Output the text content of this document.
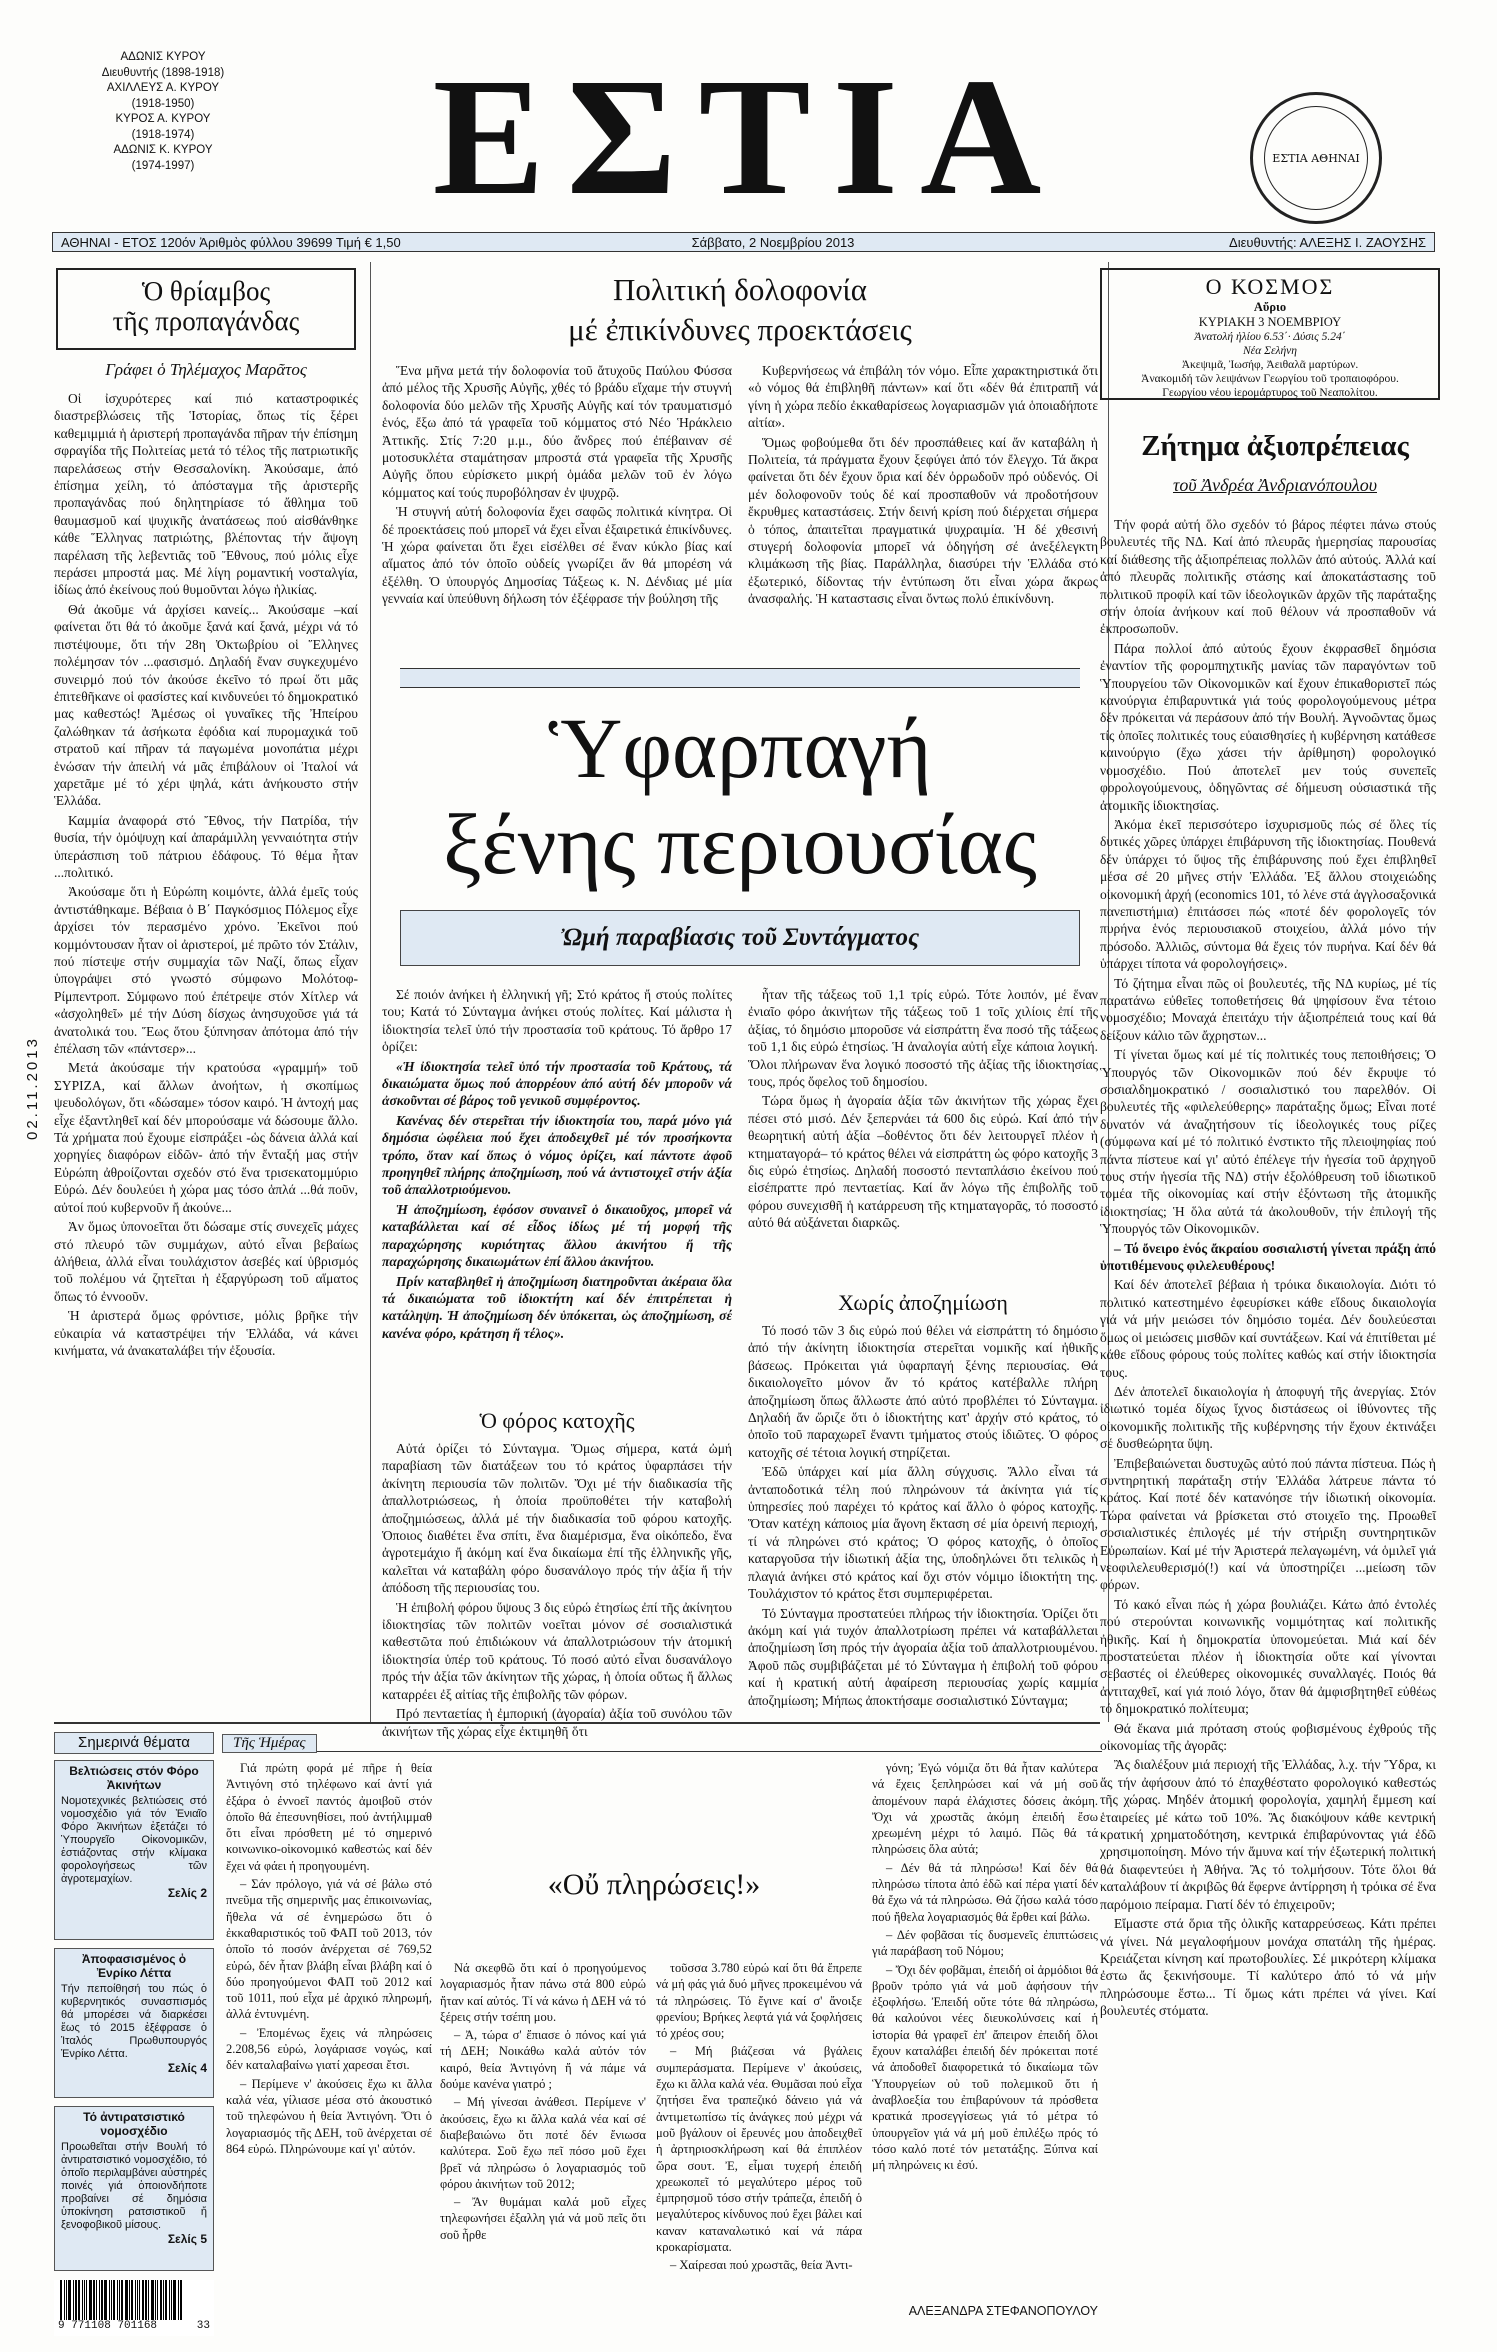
ΑΔΩΝΙΣ ΚΥΡΟΥ
Διευθυντής (1898-1918)
ΑΧΙΛΛΕΥΣ Α. ΚΥΡΟΥ
(1918-1950)
ΚΥΡΟΣ Α. ΚΥΡΟΥ
(1918-1974)
ΑΔΩΝΙΣ Κ. ΚΥΡΟΥ
(1974-1997)	ΕΣΤΙΑ	ΕΣΤΙΑ ΑΘΗΝΑΙ
ΑΘΗΝΑΙ - ΕΤΟΣ 120όν Ἀριθμὸς φύλλου 39699 Τιμή € 1,50	Σάββατο, 2 Νοεμβρίου 2013	Διευθυντής: ΑΛΕΞΗΣ Ι. ΖΑΟΥΣΗΣ
Ὁ θρίαμβος
τῆς προπαγάνδας
Γράφει ὁ Τηλέμαχος Μαρᾶτος

Οἱ ἰσχυρότερες καί πιό καταστροφικές διαστρεβλώσεις τῆς Ἱστορίας, ὅπως τίς ξέρει καθεμιμμιά ἡ ἀριστερή προπαγάνδα πῆραν τήν ἐπίσημη σφραγίδα τῆς Πολιτείας μετά τό τέλος τῆς πατριωτικῆς παρελάσεως στήν Θεσσαλονίκη. Ἀκούσαμε, ἀπό ἐπίσημα χείλη, τό ἀπόσταγμα τῆς ἀριστερῆς προπαγάνδας πού δηλητηρίασε τό ἄθλημα τοῦ θαυμασμοῦ καί ψυχικῆς ἀνατάσεως πού αἰσθάνθηκε κάθε Ἕλληνας πατριώτης, βλέποντας τήν ἄψογη παρέλαση τῆς λεβεντιᾶς τοῦ Ἔθνους, πού μόλις εἶχε περάσει μπροστά μας. Μέ λίγη ρομαντική νοσταλγία, ἰδίως ἀπό ἐκείνους πού θυμοῦνται λόγω ἡλικίας.

Θά ἀκοῦμε νά ἀρχίσει κανείς... Ἀκούσαμε –καί φαίνεται ὅτι θά τό ἀκοῦμε ξανά καί ξανά, μέχρι νά τό πιστέψουμε, ὅτι τήν 28η Ὀκτωβρίου οἱ Ἕλληνες πολέμησαν τόν ...φασισμό. Δηλαδή ἔναν συγκεχυμένο συνειρμό πού τόν ἀκούσε ἐκεῖνο τό πρωί ὅτι μᾶς ἐπιτεθῆκανε οἱ φασίστες καί κινδυνεύει τό δημοκρατικό μας καθεστώς! Ἀμέσως οἱ γυναῖκες τῆς Ἠπείρου ζαλώθηκαν τά ἀσήκωτα ἐφόδια καί πυρομαχικά τοῦ στρατοῦ καί πῆραν τά παγωμένα μονοπάτια μέχρι ἑνώσαν τήν ἀπειλή νά μᾶς ἐπιβάλουν οἱ Ἰταλοί νά χαρετᾶμε μέ τό χέρι ψηλά, κάτι ἀνήκουστο στήν Ἑλλάδα.

Καμμία ἀναφορά στό Ἔθνος, τήν Πατρίδα, τήν θυσία, τήν ὁμόψυχη καί ἀπαράμιλλη γενναιότητα στήν ὑπεράσπιση τοῦ πάτριου ἐδάφους. Τό θέμα ἦταν ...πολιτικό.

Ἀκούσαμε ὅτι ἡ Εὐρώπη κοιμόντε, ἀλλά ἐμεῖς τούς ἀντιστάθηκαμε. Βέβαια ὁ Β΄ Παγκόσμιος Πόλεμος εἶχε ἀρχίσει τόν περασμένο χρόνο. Ἐκεῖνοι πού κομμόντουσαν ἦταν οἱ ἀριστεροί, μέ πρῶτο τόν Στάλιν, πού πίστεψε στήν συμμαχία τῶν Ναζί, ὅπως εἶχαν ὑπογράψει στό γνωστό σύμφωνο Μολότοφ-Ρίμπεντροπ. Σύμφωνο πού ἐπέτρεψε στόν Χίτλερ νά «ἀσχοληθεῖ» μέ τήν Δύση δίσχως ἀνησυχοῦσε γιά τά ἀνατολικά του. Ἕως ὅτου ξύπνησαν ἀπότομα ἀπό τήν ἐπέλαση τῶν «πάντσερ»...

Μετά ἀκούσαμε τήν κρατούσα «γραμμή» τοῦ ΣΥΡΙΖΑ, καί ἄλλων ἀνοήτων, ἡ σκοπίμως ψευδολόγων, ὅτι «δώσαμε» τόσον καιρό. Ἡ ἀντοχή μας εἶχε ἐξαντληθεῖ καί δέν μπορούσαμε νά δώσουμε ἄλλο. Τά χρήματα πού ἔχουμε εἰσπράξει -ὡς δάνεια ἀλλά καί χορηγίες διαφόρων εἰδῶν- ἀπό τήν ἔνταξή μας στήν Εὐρώπη ἀθροίζονται σχεδόν στό ἕνα τρισεκατομμύριο Εὐρώ. Δέν δουλεύει ἡ χώρα μας τόσο ἁπλά ...θά ποῦν, αὐτοί πού κυβερνοῦν ἤ ἀκούνε...

Ἀν ὅμως ὑπονοεῖται ὅτι δώσαμε στίς συνεχεῖς μάχες στό πλευρό τῶν συμμάχων, αὐτό εἶναι βεβαίως ἀλήθεια, ἀλλά εἶναι τουλάχιστον ἀσεβές καί ὑβρισμός τοῦ πολέμου νά ζητεῖται ἡ ἐξαργύρωση τοῦ αἵματος ὅπως τό ἐννοοῦν.

Ἡ ἀριστερά ὅμως φρόντισε, μόλις βρῆκε τήν εὐκαιρία νά καταστρέψει τήν Ἑλλάδα, νά κάνει κινήματα, νά ἀνακαταλάβει τήν ἐξουσία.

02.11.2013
Πολιτική δολοφονία
μέ ἐπικίνδυνες προεκτάσεις

Ἕνα μῆνα μετά τήν δολοφονία τοῦ ἄτυχοῦς Παύλου Φύσσα ἀπό μέλος τῆς Χρυσῆς Αὐγῆς, χθές τό βράδυ εἴχαμε τήν στυγνή δολοφονία δύο μελῶν τῆς Χρυσῆς Αὐγῆς καί τόν τραυματισμό ἑνός, ἔξω ἀπό τά γραφεῖα τοῦ κόμματος στό Νέο Ἡράκλειο Ἀττικῆς. Στίς 7:20 μ.μ., δύο ἄνδρες πού ἐπέβαιναν σέ μοτοσυκλέτα σταμάτησαν μπροστά στά γραφεῖα τῆς Χρυσῆς Αὐγῆς ὅπου εὑρίσκετο μικρή ὁμάδα μελῶν τοῦ ἐν λόγω κόμματος καί τούς πυροβόλησαν ἐν ψυχρῷ.

Ἡ στυγνή αὐτή δολοφονία ἔχει σαφῶς πολιτικά κίνητρα. Οἱ δέ προεκτάσεις πού μπορεῖ νά ἔχει εἶναι ἐξαιρετικά ἐπικίνδυνες. Ἡ χώρα φαίνεται ὅτι ἔχει εἰσέλθει σέ ἕναν κύκλο βίας καί αἵματος ἀπό τόν ὁποῖο οὐδείς γνωρίζει ἄν θά μπορέση νά ἐξέλθη. Ὁ ὑπουργός Δημοσίας Τάξεως κ. Ν. Δένδιας μέ μία γενναία καί ὑπεύθυνη δήλωση τόν ἐξέφρασε τήν βούληση τῆς

Κυβερνήσεως νά ἐπιβάλη τόν νόμο. Εἶπε χαρακτηριστικά ὅτι «ὁ νόμος θά ἐπιβληθῆ πάντων» καί ὅτι «δέν θά ἐπιτραπῆ νά γίνη ἡ χώρα πεδίο ἐκκαθαρίσεως λογαριασμῶν γιά ὁποιαδήποτε αἰτία».

Ὅμως φοβούμεθα ὅτι δέν προσπάθειες καί ἄν καταβάλη ἡ Πολιτεία, τά πράγματα ἔχουν ξεφύγει ἀπό τόν ἔλεγχο. Τά ἄκρα φαίνεται ὅτι δέν ἔχουν ὅρια καί δέν ὀρρωδοῦν πρό οὐδενός. Οἱ μέν δολοφονοῦν τούς δέ καί προσπαθοῦν νά προδοτήσουν ἔκρυθμες καταστάσεις. Στήν δεινή κρίση πού διέρχεται σήμερα ὁ τόπος, ἀπαιτεῖται πραγματικά ψυχραιμία. Ἡ δέ χθεσινή στυγερή δολοφονία μπορεῖ νά ὁδηγήση σέ ἀνεξέλεγκτη κλιμάκωση τῆς βίας. Παράλληλα, διασύρει τήν Ἑλλάδα στό ἐξωτερικό, δίδοντας τήν ἐντύπωση ὅτι εἶναι χώρα ἄκρως ἀνασφαλής. Ἡ καταστασις εἶναι ὄντως πολύ ἐπικίνδυνη.

Ὑφαρπαγή
ξένης περιουσίας
Ὠμή παραβίασις τοῦ Συντάγματος

Σέ ποιόν ἀνήκει ἡ ἑλληνική γῆ; Στό κράτος ἤ στούς πολίτες του; Κατά τό Σύνταγμα ἀνήκει στούς πολίτες. Καί μάλιστα ἡ ἰδιοκτησία τελεῖ ὑπό τήν προστασία τοῦ κράτους. Τό ἄρθρο 17 ὁρίζει:

«Ἡ ἰδιοκτησία τελεῖ ὑπό τήν προστασία τοῦ Κράτους, τά δικαιώματα ὅμως πού ἀπορρέουν ἀπό αὐτή δέν μποροῦν νά ἀσκοῦνται σέ βάρος τοῦ γενικοῦ συμφέροντος.

Κανένας δέν στερεῖται τήν ἰδιοκτησία του, παρά μόνο γιά δημόσια ὠφέλεια πού ἔχει ἀποδειχθεῖ μέ τόν προσήκοντα τρόπο, ὅταν καί ὅπως ὁ νόμος ὁρίζει, καί πάντοτε ἀφοῦ προηγηθεῖ πλήρης ἀποζημίωση, πού νά ἀντιστοιχεῖ στήν ἀξία τοῦ ἀπαλλοτριούμενου.

Ἡ ἀποζημίωση, ἐφόσον συναινεῖ ὁ δικαιοῦχος, μπορεῖ νά καταβάλλεται καί σέ εἶδος ἰδίως μέ τή μορφή τῆς παραχώρησης κυριότητας ἄλλου ἀκινήτου ἤ τῆς παραχώρησης δικαιωμάτων ἐπί ἄλλου ἀκινήτου.

Πρίν καταβληθεῖ ἡ ἀποζημίωση διατηροῦνται ἀκέραια ὅλα τά δικαιώματα τοῦ ἰδιοκτήτη καί δέν ἐπιτρέπεται ἡ κατάληψη. Ἡ ἀποζημίωση δέν ὑπόκειται, ὡς ἀποζημίωση, σέ κανένα φόρο, κράτηση ἤ τέλος».

Ὁ φόρος κατοχῆς

Αὐτά ὁρίζει τό Σύνταγμα. Ὅμως σήμερα, κατά ὠμή παραβίαση τῶν διατάξεων του τό κράτος ὑφαρπάσει τήν ἀκίνητη περιουσία τῶν πολιτῶν. Ὄχι μέ τήν διαδικασία τῆς ἀπαλλοτριώσεως, ἡ ὁποία προϋποθέτει τήν καταβολή ἀποζημιώσεως, ἀλλά μέ τήν διαδικασία τοῦ φόρου κατοχῆς. Ὁποιος διαθέτει ἕνα σπίτι, ἕνα διαμέρισμα, ἕνα οἰκόπεδο, ἕνα ἀγροτεμάχιο ἤ ἀκόμη καί ἕνα δικαίωμα ἐπί τῆς ἑλληνικῆς γῆς, καλεῖται νά καταβάλη φόρο δυσανάλογο πρός τήν ἀξία ἤ τήν ἀπόδοση τῆς περιουσίας του.

Ἡ ἐπιβολή φόρου ὕψους 3 δις εὐρώ ἐτησίως ἐπί τῆς ἀκίνητου ἰδιοκτησίας τῶν πολιτῶν νοεῖται μόνον σέ σοσιαλιστικά καθεστῶτα πού ἐπιδιώκουν νά ἀπαλλοτριώσουν τήν ἀτομική ἰδιοκτησία ὑπέρ τοῦ κράτους. Τό ποσό αὐτό εἶναι δυσανάλογο πρός τήν ἀξία τῶν ἀκίνητων τῆς χώρας, ἡ ὁποία οὔτως ἤ ἄλλως καταρρέει ἐξ αἰτίας τῆς ἐπιβολῆς τῶν φόρων.

Πρό πενταετίας ἡ ἐμπορική (ἀγοραία) ἀξία τοῦ συνόλου τῶν ἀκινήτων τῆς χώρας εἶχε ἐκτιμηθῆ ὅτι

ἦταν τῆς τάξεως τοῦ 1,1 τρίς εὐρώ. Τότε λοιπόν, μέ ἕναν ἐνιαῖο φόρο ἀκινήτων τῆς τάξεως τοῦ 1 τοῖς χιλίοις ἐπί τῆς ἀξίας, τό δημόσιο μποροῦσε νά εἰσπράττη ἕνα ποσό τῆς τάξεως τοῦ 1,1 δις εὐρώ ἐτησίως. Ἡ ἀναλογία αὐτή εἶχε κάποια λογική. Ὅλοι πλήρωναν ἕνα λογικό ποσοστό τῆς ἀξίας τῆς ἰδιοκτησίας τους, πρός ὄφελος τοῦ δημοσίου.

Τώρα ὅμως ἡ ἀγοραία ἀξία τῶν ἀκινήτων τῆς χώρας ἔχει πέσει στό μισό. Δέν ξεπερνάει τά 600 δις εὐρώ. Καί ἀπό τήν θεωρητική αὐτή ἀξία –δοθέντος ὅτι δέν λειτουργεῖ πλέον ἡ κτηματαγορά– τό κράτος θέλει νά εἰσπράττη ὡς φόρο κατοχῆς 3 δις εὐρώ ἐτησίως. Δηλαδή ποσοστό πενταπλάσιο ἐκείνου πού εἰσέπραττε πρό πενταετίας. Καί ἄν λόγω τῆς ἐπιβολῆς τοῦ φόρου συνεχισθῆ ἡ κατάρρευση τῆς κτηματαγορᾶς, τό ποσοστό αὐτό θά αὐξάνεται διαρκῶς.

Χωρίς ἀποζημίωση

Τό ποσό τῶν 3 δις εὐρώ πού θέλει νά εἰσπράττη τό δημόσιο ἀπό τήν ἀκίνητη ἰδιοκτησία στερεῖται νομικῆς καί ἠθικῆς βάσεως. Πρόκειται γιά ὑφαρπαγή ξένης περιουσίας. Θά δικαιολογεῖτο μόνον ἄν τό κράτος κατέβαλλε πλήρη ἀποζημίωση ὅπως ἄλλωστε ἀπό αὐτό προβλέπει τό Σύνταγμα. Δηλαδή ἄν ὥριζε ὅτι ὁ ἰδιοκτήτης κατ' ἀρχήν στό κράτος, τό ὁποῖο τοῦ παραχωρεῖ ἔναντι τμήματος στούς ἰδιῶτες. Ὁ φόρος κατοχῆς σέ τέτοια λογική στηρίζεται.

Ἐδῶ ὑπάρχει καί μία ἄλλη σύγχυσις. Ἄλλο εἶναι τά ἀνταποδοτικά τέλη πού πληρώνουν τά ἀκίνητα γιά τίς ὑπηρεσίες πού παρέχει τό κράτος καί ἄλλο ὁ φόρος κατοχῆς. Ὅταν κατέχη κάποιος μία ἄγονη ἔκταση σέ μία ὀρεινή περιοχή, τί νά πληρώνει στό κράτος; Ὁ φόρος κατοχῆς, ὁ ὁποῖος καταργοῦσα τήν ἰδιωτική ἀξία της, ὑποδηλώνει ὅτι τελικῶς ἡ πλαγιά ἀνήκει στό κράτος καί ὄχι στόν νόμιμο ἰδιοκτήτη της. Τουλάχιστον τό κράτος ἔτσι συμπεριφέρεται.

Τό Σύνταγμα προστατεύει πλήρως τήν ἰδιοκτησία. Ὁρίζει ὅτι ἀκόμη καί γιά τυχόν ἀπαλλοτρίωση πρέπει νά καταβάλλεται ἀποζημίωση ἴση πρός τήν ἀγοραία ἀξία τοῦ ἀπαλλοτριουμένου. Ἀφοῦ πῶς συμβιβάζεται μέ τό Σύνταγμα ἡ ἐπιβολή τοῦ φόρου καί ἡ κρατική αὐτή ἀφαίρεση περιουσίας χωρίς καμμία ἀποζημίωση; Μήπως ἀποκτήσαμε σοσιαλιστικό Σύνταγμα;

Ο ΚΟΣΜΟΣ
Αὔριο
ΚΥΡΙΑΚΗ 3 ΝΟΕΜΒΡΙΟΥ
Ἀνατολή ἡλίου 6.53΄· Δύσις 5.24΄
Νέα Σελήνη
Ἀκεψιμᾶ, Ἰωσήφ, Ἀειθαλᾶ μαρτύρων.
Ἀνακομιδή τῶν λειψάνων Γεωργίου τοῦ τροπαιοφόρου.
Γεωργίου νέου ἱερομάρτυρος τοῦ Νεαπολίτου.
Ζήτημα ἀξιοπρέπειας
τοῦ Ἀνδρέα Ἀνδριανόπουλου

Τήν φορά αὐτή ὅλο σχεδόν τό βάρος πέφτει πάνω στούς βουλευτές τῆς ΝΔ. Καί ἀπό πλευρᾶς ἡμερησίας παρουσίας καί διάθεσης τῆς ἀξιοπρέπειας πολλῶν ἀπό αὐτούς. Ἀλλά καί ἀπό πλευρᾶς πολιτικῆς στάσης καί ἀποκατάστασης τοῦ πολιτικοῦ προφίλ καί τῶν ἰδεολογικῶν ἀρχῶν τῆς παράταξης στήν ὁποία ἀνήκουν καί ποῦ θέλουν νά προσπαθοῦν νά ἐκπροσωποῦν.

Πάρα πολλοί ἀπό αὐτούς ἔχουν ἐκφρασθεῖ δημόσια ἐναντίον τῆς φορομπηχτικῆς μανίας τῶν παραγόντων τοῦ Ὑπουργείου τῶν Οἰκονομικῶν καί ἔχουν ἐπικαθοριστεῖ πώς κανούργια ἐπιβαρυντικά γιά τούς φορολογούμενους μέτρα δέν πρόκειται νά περάσουν ἀπό τήν Βουλή. Ἀγνοῶντας ὅμως τίς ὁποῖες πολιτικές τους εὐαισθησίες ἡ κυβέρνηση κατάθεσε καινούργιο (ἔχω χάσει τήν ἀρίθμηση) φορολογικό νομοσχέδιο. Πού ἀποτελεῖ μεν τούς συνεπεῖς φορολογούμενους, ὁδηγῶντας σέ δήμευση οὐσιαστικά τῆς ἀτομικῆς ἰδιοκτησίας.

Ἀκόμα ἐκεῖ περισσότερο ἰσχυρισμοῦς πώς σέ ὅλες τίς δυτικές χῶρες ὑπάρχει ἐπιβάρυνση τῆς ἰδιοκτησίας. Πουθενά δέν ὑπάρχει τό ὕψος τῆς ἐπιβάρυνσης πού ἔχει ἐπιβληθεῖ μέσα σέ 20 μῆνες στήν Ἑλλάδα. Ἐξ ἄλλου στοιχειώδης οἰκονομική ἀρχή (economics 101, τό λένε στά ἀγγλοσαξονικά πανεπιστήμια) ἐπιτάσσει πώς «ποτέ δέν φορολογεῖς τόν πυρήνα ἑνός περιουσιακοῦ στοιχείου, ἀλλά μόνο τήν πρόσοδο. Ἀλλιῶς, σύντομα θά ἔχεις τόν πυρήνα. Καί δέν θά ὑπάρχει τίποτα νά φορολογήσεις».

Τό ζήτημα εἶναι πῶς οἱ βουλευτές, τῆς ΝΔ κυρίως, μέ τίς παρατάνω εὐθεῖες τοποθετήσεις θά ψηφίσουν ἕνα τέτοιο νομοσχέδιο; Μοναχά ἐπειτάχυ τήν ἀξιοπρέπειά τους καί θά δείξουν κάλιο τῶν ἄχρηστων...

Τί γίνεται ὅμως καί μέ τίς πολιτικές τους πεποιθήσεις; Ὁ Ὑπουργός τῶν Οἰκονομικῶν πού δέν ἔκρυψε τό σοσιαλδημοκρατικό / σοσιαλιστικό του παρελθόν. Οἱ βουλευτές τῆς «φιλελεύθερης» παράταξης ὅμως; Εἶναι ποτέ δυνατόν νά ἀναζητήσουν τίς ἰδεολογικές τους ρίζες (σύμφωνα καί μέ τό πολιτικό ἐνστικτο τῆς πλειοψηφίας πού πάντα πίστευε καί γι' αὐτό ἐπέλεγε τήν ἡγεσία τοῦ ἀρχηγοῦ τους στήν ἡγεσία τῆς ΝΔ) στήν ἐξολόθρευση τοῦ ἰδιωτικοῦ τομέα τῆς οἰκονομίας καί στήν ἐξόντωση τῆς ἀτομικῆς ἰδιοκτησίας; Ἡ ὅλα αὐτά τά ἀκολουθοῦν, τήν ἐπιλογή τῆς Ὑπουργός τῶν Οἰκονομικῶν.

– Τό ὄνειρο ἑνός ἄκραίου σοσιαλιστή γίνεται πράξη ἀπό ὑποτιθέμενους φιλελευθέρους!

Καί δέν ἀποτελεῖ βέβαια ἡ τρόικα δικαιολογία. Διότι τό πολιτικό κατεστημένο ἐφευρίσκει κάθε εἴδους δικαιολογία γιά νά μήν μειώσει τόν δημόσιο τομέα. Δέν δουλεύεσται ὅμως οἱ μειώσεις μισθῶν καί συντάξεων. Καί νά ἐπιτίθεται μέ κάθε εἴδους φόρους τούς πολίτες καθώς καί στήν ἰδιοκτησία τους.

Δέν ἀποτελεῖ δικαιολογία ἡ ἀποφυγή τῆς ἀνεργίας. Στόν ἰδιωτικό τομέα δίχως ἴχνος διστάσεως οἱ ἰθύνοντες τῆς οἰκονομικῆς πολιτικῆς τῆς κυβέρνησης τήν ἔχουν ἐκτινάξει σέ δυσθεώρητα ὕψη.

Ἐπιβεβαιώνεται δυστυχῶς αὐτό πού πάντα πίστευα. Πώς ἡ συντηρητική παράταξη στήν Ἑλλάδα λάτρευε πάντα τό κράτος. Καί ποτέ δέν κατανόησε τήν ἰδιωτική οἰκονομία. Τώρα φαίνεται νά βρίσκεται στό στοιχεῖο της. Προωθεῖ σοσιαλιστικές ἐπιλογές μέ τήν στήριξη συντηρητικῶν Εὐρωπαίων. Καί μέ τήν Ἀριστερά πελαγωμένη, νά ὁμιλεῖ γιά νεοφιλελευθερισμό(!) καί νά ὑποστηρίζει ...μείωση τῶν φόρων.

Τό κακό εἶναι πώς ἡ χώρα βουλιάζει. Κάτω ἀπό ἐντολές πού στερούνται κοινωνικῆς νομιμότητας καί πολιτικῆς ἠθικῆς. Καί ἡ δημοκρατία ὑπονομεύεται. Μιά καί δέν προστατεύεται πλέον ἡ ἰδιοκτησία οὔτε καί γίνονται σεβαστές οἱ ἐλεύθερες οἰκονομικές συναλλαγές. Ποιός θά ἀντιταχθεῖ, καί γιά ποιό λόγο, ὅταν θά ἀμφισβητηθεῖ εὐθέως τό δημοκρατικό πολίτευμα;

Θά ἔκανα μιά πρόταση στούς φοβισμένους ἐχθρούς τῆς οἰκονομίας τῆς ἀγορᾶς:

Ἂς διαλέξουν μιά περιοχή τῆς Ἑλλάδας, λ.χ. τήν Ὕδρα, κι ἄς τήν ἀφήσουν ἀπό τό ἐπαχθέστατο φορολογικό καθεστώς τῆς χώρας. Μηδέν ἀτομική φορολογία, χαμηλή ἔμμεση καί ἑταιρείες μέ κάτω τοῦ 10%. Ἂς διακόψουν κάθε κεντρική κρατική χρηματοδότηση, κεντρικά ἐπιβαρύνοντας γιά ἐδῶ χρησιμοποίηση. Μόνο τήν ἄμυνα καί τήν ἐξωτερική πολιτική θά διαφεντεύει ἡ Ἀθήνα. Ἂς τό τολμήσουν. Τότε ὅλοι θά καταλάβουν τί ἀκριβῶς θά ἔφερνε ἀντίρρηση ἡ τρόικα σέ ἕνα παρόμοιο πείραμα. Γιατί δέν τό ἐπιχειροῦν;

Εἴμαστε στά ὅρια τῆς ὁλικῆς καταρρεύσεως. Κάτι πρέπει νά γίνει. Νά μεγαλοφήμουν μονάχα σπατάλη τῆς ἡμέρας. Κρειάζεται κίνηση καί πρωτοβουλίες. Σέ μικρότερη κλίμακα ἐστω ἄς ξεκινήσουμε. Τί καλύτερο ἀπό τό νά μήν πληρώσουμε ἔστω... Τί ὅμως κάτι πρέπει νά γίνει. Καί βουλευτές στόματα.

Σημερινά θέματα
Βελτιώσεις στόν Φόρο Ἀκινήτων
Νομοτεχνικές βελτιώσεις στό νομοσχέδιο γιά τόν Ἐνιαῖο Φόρο Ἀκινήτων ἐξετάζει τό Ὑπουργεῖο Οἰκονομικῶν, ἐστιάζοντας στήν κλίμακα φορολογήσεως τῶν ἀγροτεμαχίων.
Σελίς 2
Ἀποφασισμένος ὁ Ἐνρίκο Λέττα
Τήν πεποίθησή του πώς ὁ κυβερνητικός συνασπισμός θά μπορέσει νά διαρκέσει ἕως τό 2015 ἐξέφρασε ὁ Ἰταλός Πρωθυπουργός Ἐνρίκο Λέττα.
Σελίς 4
Τό ἀντιρατσιστικό νομοσχέδιο
Προωθεῖται στήν Βουλή τό ἀντιρατσιστικό νομοσχέδιο, τό ὁποῖο περιλαμβάνει αὐστηρές ποινές γιά ὁποιονδήποτε προβαίνει σέ δημόσια ὑποκίνηση ρατσιστικοῦ ἤ ξενοφοβικοῦ μίσους.
Σελίς 5
9 771108 701168	33
Τῆς Ἡμέρας

Γιά πρώτη φορά μέ πῆρε ἡ θεία Ἀντιγόνη στό τηλέφωνο καί ἀντί γιά ἐξάρα ὁ ἐννοεῖ παντός ἀμοιβοῦ στόν ὁποῖο θά ἐπεσυνηθίσει, πού ἀντήλιμμαθ ὅτι εἶναι πρόσθετη μέ τό σημερινό κοινωνικο-οἰκονομικό καθεστώς καί δέν ἔχει νά φάει ἡ προηγουμένη.

– Σάν πρόλογο, γιά νά σέ βάλω στό πνεῦμα τῆς σημερινῆς μας ἐπικοινωνίας, ἤθελα νά σέ ἐνημερώσω ὅτι ὁ ἐκκαθαριστικός τοῦ ΦΑΠ τοῦ 2013, τόν ὁποῖο τό ποσόν ἀνέρχεται σέ 769,52 εὐρώ, δέν ἦταν βλάβη εἶναι βλάβη καί ὁ δύο προηγούμενοι ΦΑΠ τοῦ 2012 καί τοῦ 1011, πού εἶχα μέ ἀρχικό πληρωμή, ἀλλά ἐντυνμένη.

– Ἐπομένως ἔχεις νά πληρώσεις 2.208,56 εὐρώ, λογάριασε νογώς, καί δέν καταλαβαίνω γιατί χαρεσαι ἔτσι.

– Περίμενε ν' ἀκούσεις ἔχω κι ἄλλα καλά νέα, γίλιασε μέσα στό ἀκουστικό τοῦ τηλεφώνου ἡ θεία Ἀντιγόνη. Ὅτι ὁ λογαριασμός τῆς ΔΕΗ, τοῦ ἀνέρχεται σέ 864 εὐρώ. Πληρώνουμε καί γι' αὐτόν.

«Οὔ πληρώσεις!»

Νά σκεφθῶ ὅτι καί ὁ προηγούμενος λογαριασμός ἦταν πάνω στά 800 εὐρώ ἤταν καί αὐτός. Τί νά κάνω ἡ ΔΕΗ νά τό ξέρεις στήν τσέπη μου.

– Ἀ, τώρα σ' ἔπιασε ὁ πόνος καί γιά τή ΔΕΗ; Νοικάθω καλά αὐτόν τόν καιρό, θεία Ἀντιγόνη ἤ νά πάμε νά δούμε κανένα γιατρό ;

– Μή γίνεσαι ἀνάθεσι. Περίμενε ν' ἀκούσεις, ἔχω κι ἄλλα καλά νέα καί σέ διαβεβαιώνω ὅτι ποτέ δέν ἔνιωσα καλύτερα. Σοῦ ἔχω πεῖ πόσο μοῦ ἔχει βρεῖ νά πληρώσω ὁ λογαριασμός τοῦ φόρου ἀκινήτων τοῦ 2012;

– Ἄν θυμάμαι καλά μοῦ εἶχες τηλεφωνήσει ἐξαλλη γιά νά μοῦ πεῖς ὅτι σοῦ ἦρθε

τοῦσσα 3.780 εὐρώ καί ὅτι θά ἔπρεπε νά μή φάς γιά δυό μῆνες προκειμένου νά τά πληρώσεις. Τό ἔγινε καί σ' ἄνοιξε φρενίου; Βρήκες λεφτά γιά νά ξοφλήσεις τό χρέος σου;

– Μή βιάζεσαι νά βγάλεις συμπεράσματα. Περίμενε ν' ἀκούσεις, ἔχω κι ἄλλα καλά νέα. Θυμᾶσαι πού εἶχα ζητήσει ἕνα τραπεζικό δάνειο γιά νά ἀντιμετωπίσω τίς ἀνάγκες πού μέχρι νά μοῦ βγάλουν οἱ ἔρευνές μου ἀποδειχθεῖ ἡ ἀρτηριοσκλήρωση καί θά ἐπιπλέον ὥρα σουτ. Ἐ, εἶμαι τυχερή ἐπειδή χρεωκοπεῖ τό μεγαλύτερο μέρος τοῦ ἐμπρησμοῦ τόσο στήν τράπεζα, ἐπειδή ὁ μεγαλύτερος κίνδυνος πού ἔχει βάλει καί καναν καταναλωτικό καί νά πάρα κροκαρίσματα.

– Χαίρεσαι πού χρωστᾶς, θεία Ἀντι-

γόνη; Ἐγώ νόμιζα ὅτι θά ἦταν καλύτερα νά ἔχεις ξεπληρώσει καί νά μή σοῦ ἀπομένουν παρά ἐλάχιστες δόσεις ἀκόμη. Ὄχι νά χρωστᾶς ἀκόμη ἐπειδή ἔσω χρεωμένη μέχρι τό λαιμό. Πῶς θά τά πληρώσεις ὅλα αὐτά;

– Δέν θά τά πληρώσω! Καί δέν θά πληρώσω τίποτα ἀπό ἐδῶ καί πέρα γιατί δέν θά ἔχω νά τά πληρώσω. Θά ζήσω καλά τόσο πού ἤθελα λογαριασμός θά ἔρθει καί βάλω.

– Δέν φοβᾶσαι τίς δυσμενεῖς ἐπιπτώσεις γιά παράβαση τοῦ Νόμου;

– Ὄχι δέν φοβᾶμαι, ἐπειδή οἱ ἀρμόδιοι θά βροῦν τρόπο γιά νά μοῦ ἀφήσουν τήν ἐξοφλήσω. Ἐπειδή οὔτε τότε θά πληρώσω, θά καλούνοι νέες διευκολύνσεις καί ἡ ἱστορία θά γραφεῖ ἐπ' ἄπειρον ἐπειδή ὅλοι ἔχουν καταλάβει ἐπειδή δέν πρόκειται ποτέ νά ἀποδοθεῖ διαφορετικά τό δικαίωμα τῶν Ὑπουργείων οὐ τοῦ πολεμικοῦ ὅτι ἡ ἀναβλοεξία του ἐπιβαρύνουν τά πρόσθετα κρατικά προσεγγίσεως γιά τό μέτρα τό ὑπουργεῖον γιά νά μή μοῦ ἐπιλέξω πρός τό τόσο καλό ποτέ τόν μετατάξης. Ξύπνα καί μή πληρώνεις κι ἐσύ.

ΑΛΕΞΑΝΔΡΑ ΣΤΕΦΑΝΟΠΟΥΛΟΥ
